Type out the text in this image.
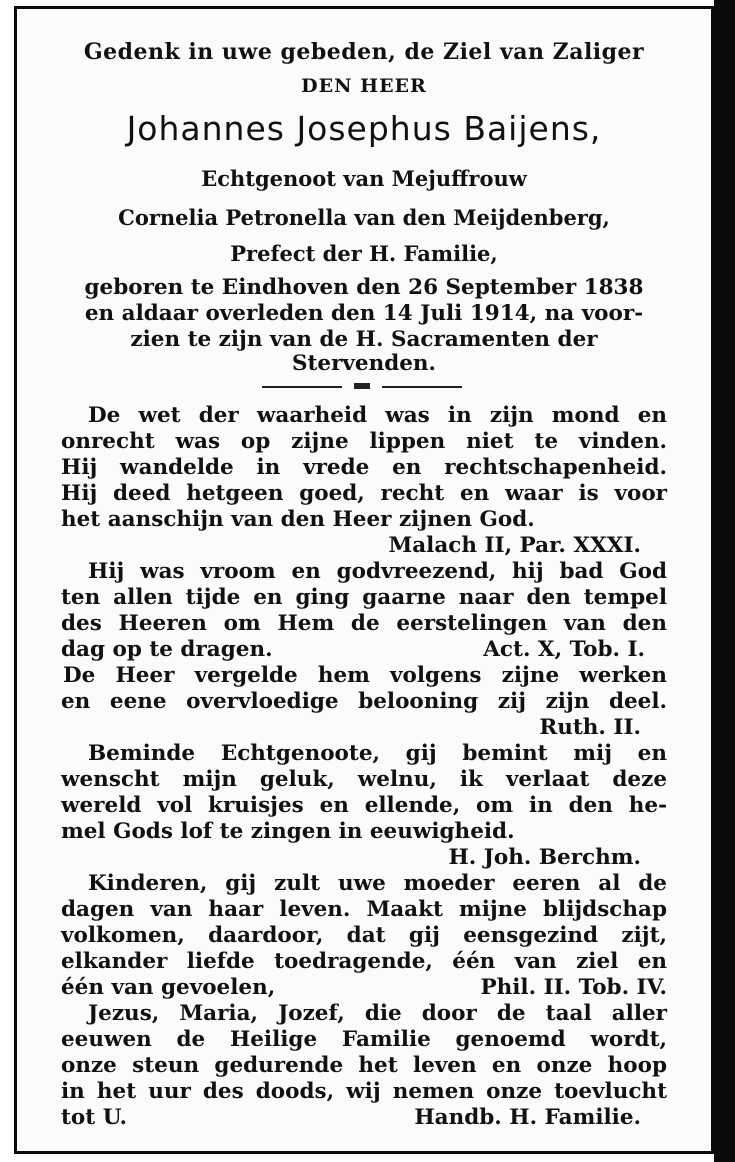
Gedenk in uwe gebeden, de Ziel van Zaliger
DEN HEER
Johannes Josephus Baijens,
Echtgenoot van Mejuffrouw
Cornelia Petronella van den Meijdenberg,
Prefect der H. Familie,
geboren te Eindhoven den 26 September 1838
en aldaar overleden den 14 Juli 1914, na voor-
zien te zijn van de H. Sacramenten der
Stervenden.
De wet der waarheid was in zijn mond en
onrecht was op zijne lippen niet te vinden.
Hij wandelde in vrede en rechtschapenheid.
Hij deed hetgeen goed, recht en waar is voor
het aanschijn van den Heer zijnen God.
Malach II, Par. XXXI.
Hij was vroom en godvreezend, hij bad God
ten allen tijde en ging gaarne naar den tempel
des Heeren om Hem de eerstelingen van den
dag op te dragen.	Act. X, Tob. I.
De Heer vergelde hem volgens zijne werken
en eene overvloedige belooning zij zijn deel.
Ruth. II.
Beminde Echtgenoote, gij bemint mij en
wenscht mijn geluk, welnu, ik verlaat deze
wereld vol kruisjes en ellende, om in den he-
mel Gods lof te zingen in eeuwigheid.
H. Joh. Berchm.
Kinderen, gij zult uwe moeder eeren al de
dagen van haar leven. Maakt mijne blijdschap
volkomen, daardoor, dat gij eensgezind zijt,
elkander liefde toedragende, één van ziel en
één van gevoelen,	Phil. II. Tob. IV.
Jezus, Maria, Jozef, die door de taal aller
eeuwen de Heilige Familie genoemd wordt,
onze steun gedurende het leven en onze hoop
in het uur des doods, wij nemen onze toevlucht
tot U.	Handb. H. Familie.
